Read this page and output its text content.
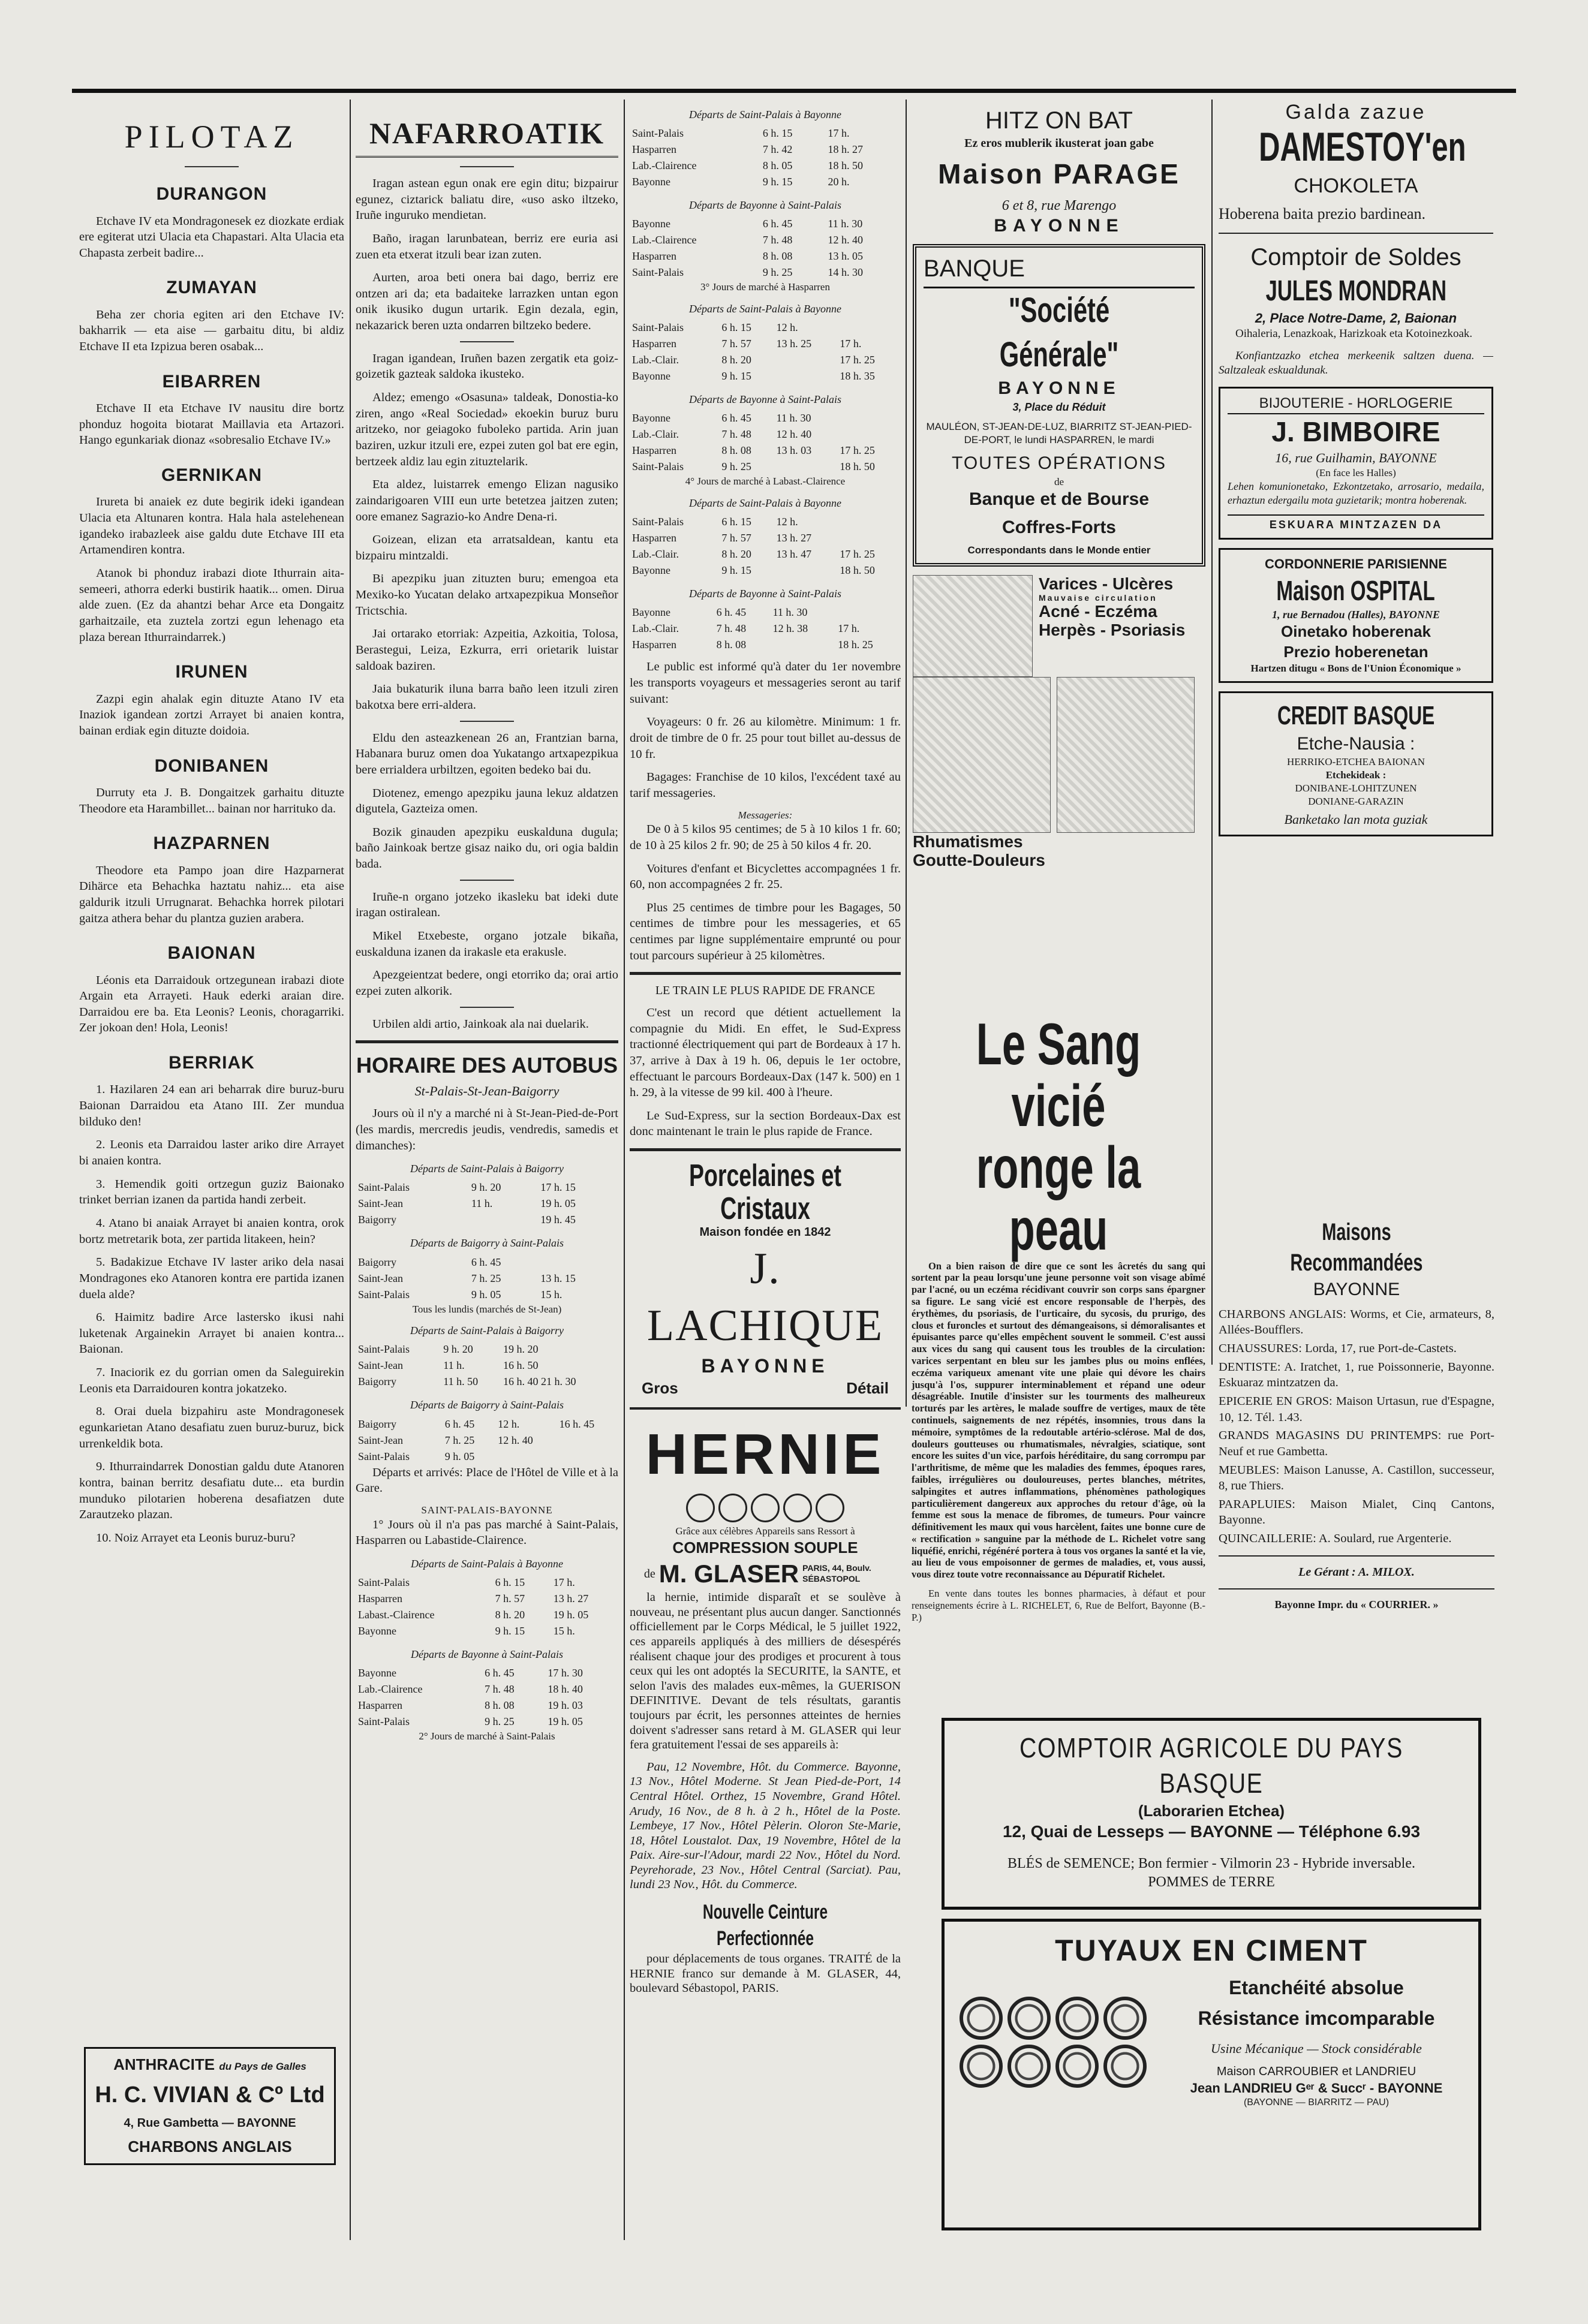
PILOTAZ
DURANGON

Etchave IV eta Mondragonesek ez diozkate erdiak ere egiterat utzi Ulacia eta Chapastari. Alta Ulacia eta Chapasta zerbeit badire...

ZUMAYAN

Beha zer choria egiten ari den Etchave IV: bakharrik — eta aise — garbaitu ditu, bi aldiz Etchave II eta Izpizua beren osabak...

EIBARREN

Etchave II eta Etchave IV nausitu dire bortz phonduz hogoita biotarat Maillavia eta Artazori. Hango egunkariak dionaz «sobresalio Etchave IV.»

GERNIKAN

Irureta bi anaiek ez dute begirik ideki igandean Ulacia eta Altunaren kontra. Hala hala astelehenean igandeko irabazleek aise galdu dute Etchave III eta Artamendiren kontra.

Atanok bi phonduz irabazi diote Ithurrain aita-semeeri, athorra ederki bustirik haatik... omen. Dirua alde zuen. (Ez da ahantzi behar Arce eta Dongaitz garhaitzaile, eta zuztela zortzi egun lehenago eta plaza berean Ithurraindarrek.)

IRUNEN

Zazpi egin ahalak egin dituzte Atano IV eta Inaziok igandean zortzi Arrayet bi anaien kontra, bainan erdiak egin dituzte doidoia.

DONIBANEN

Durruty eta J. B. Dongaitzek garhaitu dituzte Theodore eta Harambillet... bainan nor harrituko da.

HAZPARNEN

Theodore eta Pampo joan dire Hazparnerat Dihärce eta Behachka haztatu nahiz... eta aise galdurik itzuli Urrugnarat. Behachka horrek pilotari gaitza athera behar du plantza guzien arabera.

BAIONAN

Léonis eta Darraidouk ortzegunean irabazi diote Argain eta Arrayeti. Hauk ederki araian dire. Darraidou ere ba. Eta Leonis? Leonis, choragarriki. Zer jokoan den! Hola, Leonis!

BERRIAK

1. Hazilaren 24 ean ari beharrak dire buruz-buru Baionan Darraidou eta Atano III. Zer mundua bilduko den!

2. Leonis eta Darraidou laster ariko dire Arrayet bi anaien kontra.

3. Hemendik goiti ortzegun guziz Baionako trinket berrian izanen da partida handi zerbeit.

4. Atano bi anaiak Arrayet bi anaien kontra, orok bortz metretarik bota, zer partida litakeen, hein?

5. Badakizue Etchave IV laster ariko dela nasai Mondragones eko Atanoren kontra ere partida izanen duela alde?

6. Haimitz badire Arce lastersko ikusi nahi luketenak Argainekin Arrayet bi anaien kontra... Baionan.

7. Inaciorik ez du gorrian omen da Saleguirekin Leonis eta Darraidouren kontra jokatzeko.

8. Orai duela bizpahiru aste Mondragonesek egunkarietan Atano desafiatu zuen buruz-buruz, bick urrenkeldik bota.

9. Ithurraindarrek Donostian galdu dute Atanoren kontra, bainan berritz desafiatu dute... eta burdin munduko pilotarien hoberena desafiatzen dute Zarautzeko plazan.

10. Noiz Arrayet eta Leonis buruz-buru?

ANTHRACITE du Pays de Galles
H. C. VIVIAN & Cº Ltd
4, Rue Gambetta — BAYONNE
CHARBONS ANGLAIS
NAFARROATIK

Iragan astean egun onak ere egin ditu; bizpairur egunez, ciztarick baliatu dire, «uso asko iltzeko, Iruñe inguruko mendietan.

Baño, iragan larunbatean, berriz ere euria asi zuen eta etxerat itzuli bear izan zuten.

Aurten, aroa beti onera bai dago, berriz ere ontzen ari da; eta badaiteke larrazken untan egon onik ikusiko dugun urtarik. Egin dezala, egin, nekazarick beren uzta ondarren biltzeko bedere.

Iragan igandean, Iruñen bazen zergatik eta goiz-goizetik gazteak saldoka ikusteko.

Aldez; emengo «Osasuna» taldeak, Donostia-ko ziren, ango «Real Sociedad» ekoekin buruz buru aritzeko, nor geiagoko fuboleko partida. Arin juan baziren, uzkur itzuli ere, ezpei zuten gol bat ere egin, bertzeek aldiz lau egin zituztelarik.

Eta aldez, luistarrek emengo Elizan nagusiko zaindarigoaren VIII eun urte betetzea jaitzen zuten; oore emanez Sagrazio-ko Andre Dena-ri.

Goizean, elizan eta arratsaldean, kantu eta bizpairu mintzaldi.

Bi apezpiku juan zituzten buru; emengoa eta Mexiko-ko Yucatan delako artxapezpikua Monseñor Trictschia.

Jai ortarako etorriak: Azpeitia, Azkoitia, Tolosa, Berastegui, Leiza, Ezkurra, erri orietarik luistar saldoak baziren.

Jaia bukaturik iluna barra baño leen itzuli ziren bakotxa bere erri-aldera.

Eldu den asteazkenean 26 an, Frantzian barna, Habanara buruz omen doa Yukatango artxapezpikua bere errialdera urbiltzen, egoiten bedeko bai du.

Diotenez, emengo apezpiku jauna lekuz aldatzen digutela, Gazteiza omen.

Bozik ginauden apezpiku euskalduna dugula; baño Jainkoak bertze gisaz naiko du, ori ogia baldin bada.

Iruñe-n organo jotzeko ikasleku bat ideki dute iragan ostiralean.

Mikel Etxebeste, organo jotzale bikaña, euskalduna izanen da irakasle eta erakusle.

Apezgeientzat bedere, ongi etorriko da; orai artio ezpei zuten alkorik.

Urbilen aldi artio, Jainkoak ala nai duelarik.

HORAIRE DES AUTOBUS
St-Palais-St-Jean-Baigorry

Jours où il n'y a marché ni à St-Jean-Pied-de-Port (les mardis, mercredis jeudis, vendredis, samedis et dimanches):

Départs de Saint-Palais à Baigorry
Saint-Palais	9 h. 20	17 h. 15
Saint-Jean	11 h.	19 h. 05
Baigorry		19 h. 45
Départs de Baigorry à Saint-Palais
Baigorry	6 h. 45	
Saint-Jean	7 h. 25	13 h. 15
Saint-Palais	9 h. 05	15 h.
Tous les lundis (marchés de St-Jean)
Départs de Saint-Palais à Baigorry
Saint-Palais	9 h. 20	19 h. 20
Saint-Jean	11 h.	16 h. 50
Baigorry	11 h. 50	16 h. 40 21 h. 30
Départs de Baigorry à Saint-Palais
Baigorry	6 h. 45	12 h.	16 h. 45
Saint-Jean	7 h. 25	12 h. 40	
Saint-Palais	9 h. 05		

Départs et arrivés: Place de l'Hôtel de Ville et à la Gare.

SAINT-PALAIS-BAYONNE

1° Jours où il n'a pas pas marché à Saint-Palais, Hasparren ou Labastide-Clairence.

Départs de Saint-Palais à Bayonne
Saint-Palais	6 h. 15	17 h.
Hasparren	7 h. 57	13 h. 27
Labast.-Clairence	8 h. 20	19 h. 05
Bayonne	9 h. 15	15 h.
Départs de Bayonne à Saint-Palais
Bayonne	6 h. 45	17 h. 30
Lab.-Clairence	7 h. 48	18 h. 40
Hasparren	8 h. 08	19 h. 03
Saint-Palais	9 h. 25	19 h. 05
2° Jours de marché à Saint-Palais
Départs de Saint-Palais à Bayonne
Saint-Palais	6 h. 15	17 h.
Hasparren	7 h. 42	18 h. 27
Lab.-Clairence	8 h. 05	18 h. 50
Bayonne	9 h. 15	20 h.
Départs de Bayonne à Saint-Palais
Bayonne	6 h. 45	11 h. 30
Lab.-Clairence	7 h. 48	12 h. 40
Hasparren	8 h. 08	13 h. 05
Saint-Palais	9 h. 25	14 h. 30
3° Jours de marché à Hasparren
Départs de Saint-Palais à Bayonne
Saint-Palais	6 h. 15	12 h.	
Hasparren	7 h. 57	13 h. 25	17 h.
Lab.-Clair.	8 h. 20		17 h. 25
Bayonne	9 h. 15		18 h. 35
Départs de Bayonne à Saint-Palais
Bayonne	6 h. 45	11 h. 30	
Lab.-Clair.	7 h. 48	12 h. 40	
Hasparren	8 h. 08	13 h. 03	17 h. 25
Saint-Palais	9 h. 25		18 h. 50
4° Jours de marché à Labast.-Clairence
Départs de Saint-Palais à Bayonne
Saint-Palais	6 h. 15	12 h.	
Hasparren	7 h. 57	13 h. 27	
Lab.-Clair.	8 h. 20	13 h. 47	17 h. 25
Bayonne	9 h. 15		18 h. 50
Départs de Bayonne à Saint-Palais
Bayonne	6 h. 45	11 h. 30	
Lab.-Clair.	7 h. 48	12 h. 38	17 h.
Hasparren	8 h. 08		18 h. 25

Le public est informé qu'à dater du 1er novembre les transports voyageurs et messageries seront au tarif suivant:

Voyageurs: 0 fr. 26 au kilomètre. Minimum: 1 fr. droit de timbre de 0 fr. 25 pour tout billet au-dessus de 10 fr.

Bagages: Franchise de 10 kilos, l'excédent taxé au tarif messageries.

Messageries:

De 0 à 5 kilos 95 centimes; de 5 à 10 kilos 1 fr. 60; de 10 à 25 kilos 2 fr. 90; de 25 à 50 kilos 4 fr. 20.

Voitures d'enfant et Bicyclettes accompagnées 1 fr. 60, non accompagnées 2 fr. 25.

Plus 25 centimes de timbre pour les Bagages, 50 centimes de timbre pour les messageries, et 65 centimes par ligne supplémentaire emprunté ou pour tout parcours supérieur à 25 kilomètres.

LE TRAIN LE PLUS RAPIDE DE FRANCE

C'est un record que détient actuellement la compagnie du Midi. En effet, le Sud-Express tractionné électriquement qui part de Bordeaux à 17 h. 37, arrive à Dax à 19 h. 06, depuis le 1er octobre, effectuant le parcours Bordeaux-Dax (147 k. 500) en 1 h. 29, à la vitesse de 99 kil. 400 à l'heure.

Le Sud-Express, sur la section Bordeaux-Dax est donc maintenant le train le plus rapide de France.

Porcelaines et Cristaux
Maison fondée en 1842
J. LACHIQUE
BAYONNE
Gros	Détail
HERNIE
Grâce aux célèbres Appareils sans Ressort à
COMPRESSION SOUPLE
de M. GLASER PARIS, 44, Boulv. SÉBASTOPOL

la hernie, intimide disparaît et se soulève à nouveau, ne présentant plus aucun danger. Sanctionnés officiellement par le Corps Médical, le 5 juillet 1922, ces appareils appliqués à des milliers de désespérés réalisent chaque jour des prodiges et procurent à tous ceux qui les ont adoptés la SECURITE, la SANTE, et selon l'avis des malades eux-mêmes, la GUERISON DEFINITIVE. Devant de tels résultats, garantis toujours par écrit, les personnes atteintes de hernies doivent s'adresser sans retard à M. GLASER qui leur fera gratuitement l'essai de ses appareils à:

Pau, 12 Novembre, Hôt. du Commerce. Bayonne, 13 Nov., Hôtel Moderne. St Jean Pied-de-Port, 14 Central Hôtel. Orthez, 15 Novembre, Grand Hôtel. Arudy, 16 Nov., de 8 h. à 2 h., Hôtel de la Poste. Lembeye, 17 Nov., Hôtel Pèlerin. Oloron Ste-Marie, 18, Hôtel Loustalot. Dax, 19 Novembre, Hôtel de la Paix. Aire-sur-l'Adour, mardi 22 Nov., Hôtel du Nord. Peyrehorade, 23 Nov., Hôtel Central (Sarciat). Pau, lundi 23 Nov., Hôt. du Commerce.

Nouvelle Ceinture Perfectionnée

pour déplacements de tous organes. TRAITÉ de la HERNIE franco sur demande à M. GLASER, 44, boulevard Sébastopol, PARIS.

HITZ ON BAT
Ez eros mublerik ikusterat joan gabe
Maison PARAGE
6 et 8, rue Marengo
BAYONNE
BANQUE
"Société Générale"
BAYONNE
3, Place du Réduit
MAULÉON, ST-JEAN-DE-LUZ, BIARRITZ ST-JEAN-PIED-DE-PORT, le lundi HASPARREN, le mardi
TOUTES OPÉRATIONS
de
Banque et de Bourse
Coffres-Forts
Correspondants dans le Monde entier
Varices - Ulcères
Mauvaise circulation
Acné - Eczéma
Herpès - Psoriasis
Rhumatismes
Goutte-Douleurs
Le Sang vicié
ronge la peau

On a bien raison de dire que ce sont les âcretés du sang qui sortent par la peau lorsqu'une jeune personne voit son visage abîmé par l'acné, ou un eczéma récidivant couvrir son corps sans épargner sa figure. Le sang vicié est encore responsable de l'herpès, des érythèmes, du psoriasis, de l'urticaire, du sycosis, du prurigo, des clous et furoncles et surtout des démangeaisons, si démoralisantes et épuisantes parce qu'elles empêchent souvent le sommeil. C'est aussi aux vices du sang qui causent tous les troubles de la circulation: varices serpentant en bleu sur les jambes plus ou moins enflées, eczéma variqueux amenant vite une plaie qui dévore les chairs jusqu'à l'os, suppurer interminablement et répand une odeur désagréable. Inutile d'insister sur les tourments des malheureux torturés par les artères, le malade souffre de vertiges, maux de tête continuels, saignements de nez répétés, insomnies, trous dans la mémoire, symptômes de la redoutable artério-sclérose. Mal de dos, douleurs goutteuses ou rhumatismales, névralgies, sciatique, sont encore les suites d'un vice, parfois héréditaire, du sang corrompu par l'arthritisme, de même que les maladies des femmes, époques rares, faibles, irrégulières ou douloureuses, pertes blanches, métrites, salpingites et autres inflammations, phénomènes pathologiques particulièrement dangereux aux approches du retour d'âge, où la femme est sous la menace de fibromes, de tumeurs. Pour vaincre définitivement les maux qui vous harcèlent, faites une bonne cure de « rectification » sanguine par la méthode de L. Richelet votre sang liquéfié, enrichi, régénéré portera à tous vos organes la santé et la vie, au lieu de vous empoisonner de germes de maladies, et, vous aussi, vous direz toute votre reconnaissance au Dépuratif Richelet.

En vente dans toutes les bonnes pharmacies, à défaut et pour renseignements écrire à L. RICHELET, 6, Rue de Belfort, Bayonne (B.-P.)

Galda zazue
DAMESTOY'en
CHOKOLETA

Hoberena baita prezio bardinean.

Comptoir de Soldes
JULES MONDRAN
2, Place Notre-Dame, 2, Baionan

Oihaleria, Lenazkoak, Harizkoak eta Kotoinezkoak.

Konfiantzazko etchea merkeenik saltzen duena. — Saltzaleak eskualdunak.

BIJOUTERIE - HORLOGERIE
J. BIMBOIRE
16, rue Guilhamin, BAYONNE
(En face les Halles)

Lehen komunionetako, Ezkontzetako, arrosario, medaila, erhaztun edergailu mota guzietarik; montra hoberenak.

ESKUARA MINTZAZEN DA
CORDONNERIE PARISIENNE
Maison OSPITAL
1, rue Bernadou (Halles), BAYONNE
Oinetako hoberenak
Prezio hoberenetan
Hartzen ditugu « Bons de l'Union Économique »
CREDIT BASQUE
Etche-Nausia :
HERRIKO-ETCHEA BAIONAN
Etchekideak :
DONIBANE-LOHITZUNEN
DONIANE-GARAZIN
Banketako lan mota guziak
Maisons Recommandées
BAYONNE

CHARBONS ANGLAIS: Worms, et Cie, armateurs, 8, Allées-Boufflers.

CHAUSSURES: Lorda, 17, rue Port-de-Castets.

DENTISTE: A. Iratchet, 1, rue Poissonnerie, Bayonne. Eskuaraz mintzatzen da.

EPICERIE EN GROS: Maison Urtasun, rue d'Espagne, 10, 12. Tél. 1.43.

GRANDS MAGASINS DU PRINTEMPS: rue Port-Neuf et rue Gambetta.

MEUBLES: Maison Lanusse, A. Castillon, successeur, 8, rue Thiers.

PARAPLUIES: Maison Mialet, Cinq Cantons, Bayonne.

QUINCAILLERIE: A. Soulard, rue Argenterie.

Le Gérant : A. MILOX.
Bayonne Impr. du « COURRIER. »
COMPTOIR AGRICOLE DU PAYS BASQUE
(Laborarien Etchea)
12, Quai de Lesseps — BAYONNE — Téléphone 6.93
BLÉS de SEMENCE; Bon fermier - Vilmorin 23 - Hybride inversable.
POMMES de TERRE
TUYAUX EN CIMENT
Etanchéité absolue
Résistance imcomparable
Usine Mécanique — Stock considérable
Maison CARROUBIER et LANDRIEU
Jean LANDRIEU Gᵉʳ & Succʳ - BAYONNE
(BAYONNE — BIARRITZ — PAU)
